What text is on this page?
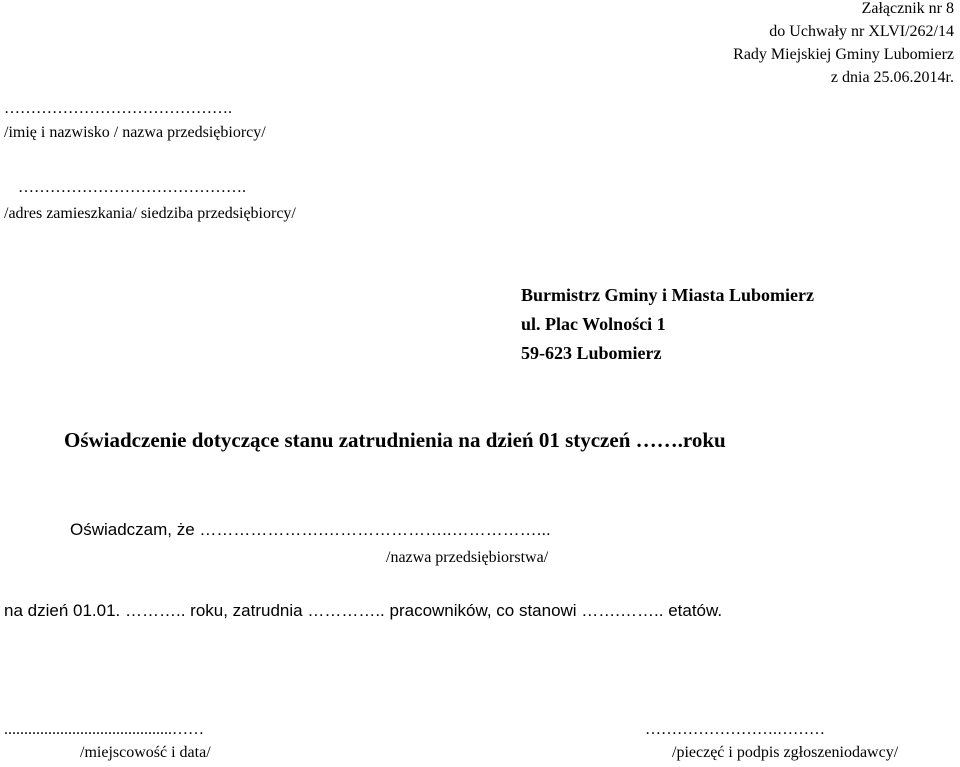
Załącznik nr 8
do Uchwały nr XLVI/262/14
Rady Miejskiej Gminy Lubomierz
z dnia 25.06.2014r.
…………………………………….
/imię i nazwisko / nazwa przedsiębiorcy/
…………………………………….
/adres zamieszkania/ siedziba przedsiębiorcy/
Burmistrz Gminy i Miasta Lubomierz
ul. Plac Wolności 1
59-623 Lubomierz
Oświadczenie dotyczące stanu zatrudnienia na dzień 01 styczeń …….roku
Oświadczam, że ………………….…………………..……………...
/nazwa przedsiębiorstwa/
na dzień 01.01. ……….. roku, zatrudnia ………….. pracowników, co stanowi …….…….. etatów.
..........................................……
/miejscowość i data/
…………………….………
/pieczęć i podpis zgłoszeniodawcy/
